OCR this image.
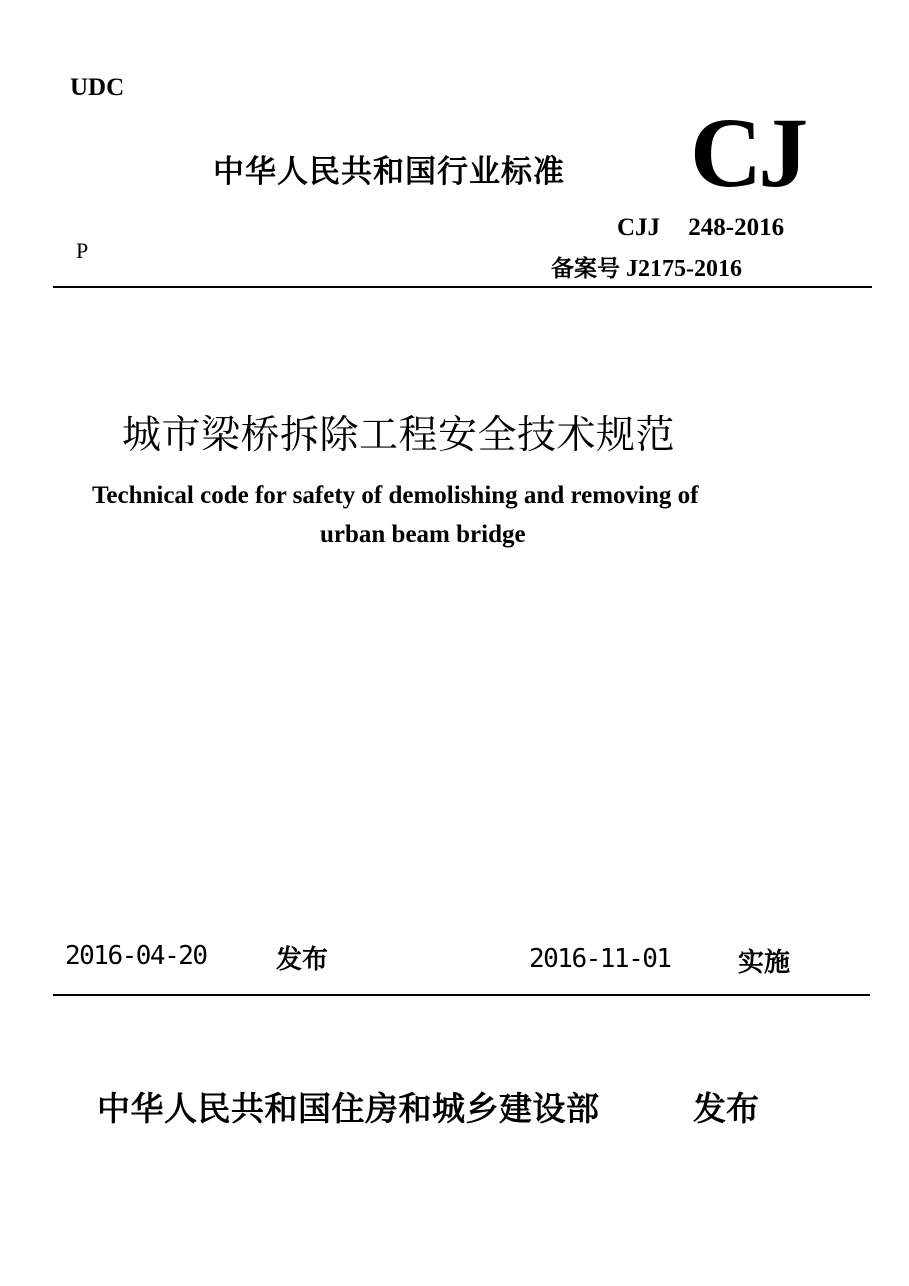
UDC
中华人民共和国行业标准 CJ
CJJ 248-2016
备案号 J2175-2016
P
城市梁桥拆除工程安全技术规范
Technical code for safety of demolishing and removing of
urban beam bridge
2016-04-20	发布	2016-11-01	实施
中华人民共和国住房和城乡建设部	发布
